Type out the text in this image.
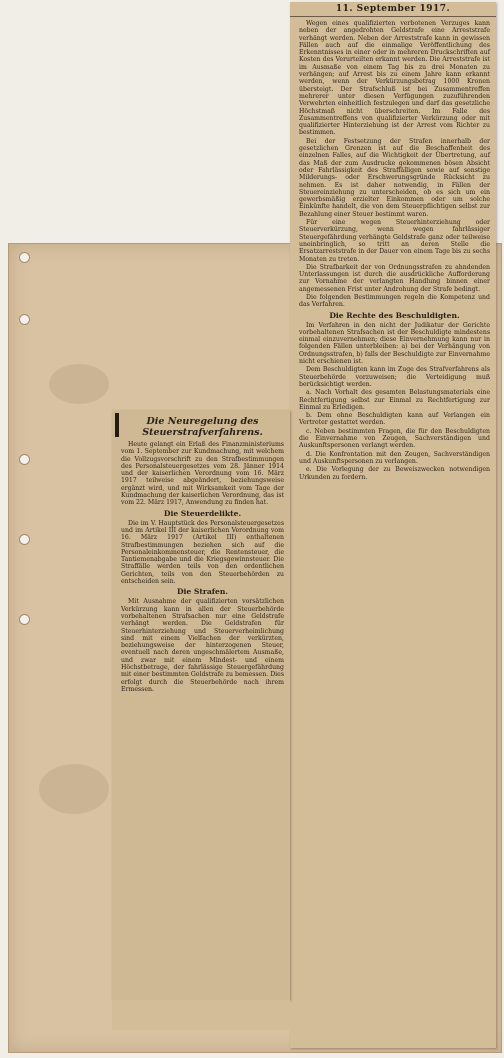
11. September 1917.

Wegen eines qualifizierten verbotenen Verzuges kann neben der angedrohten Geldstrafe eine Arreststrafe verhängt werden. Neben der Arreststrafe kann in gewissen Fällen auch auf die einmalige Veröffentlichung des Erkenntnisses in einer oder in mehreren Druckschriften auf Kosten des Verurteilten erkannt werden. Die Arreststrafe ist im Ausmaße von einem Tag bis zu drei Monaten zu verhängen; auf Arrest bis zu einem Jahre kann erkannt werden, wenn der Verkürzungsbetrag 1000 Kronen übersteigt. Der Strafschluß ist bei Zusammentreffen mehrerer unter diesen Verfügungen zuzuführenden Verwehrten einheitlich festzulegen und darf das gesetzliche Höchstmaß nicht überschreiten. Im Falle des Zusammentreffens von qualifizierter Verkürzung oder mit qualifizierter Hinterziehung ist der Arrest vom Richter zu bestimmen.

Bei der Festsetzung der Strafen innerhalb der gesetzlichen Grenzen ist auf die Beschaffenheit des einzelnen Falles, auf die Wichtigkeit der Übertretung, auf das Maß der zum Ausdrucke gekommenen bösen Absicht oder Fahrlässigkeit des Straffälligen sowie auf sonstige Milderungs- oder Erschwerungsgründe Rücksicht zu nehmen. Es ist daher notwendig, in Fällen der Steuereinziehung zu unterscheiden, ob es sich um ein gewerbsmäßig erzielter Einkommen oder um solche Einkünfte handelt, die von dem Steuerpflichtigen selbst zur Bezahlung einer Steuer bestimmt waren.

Für eine wegen Steuerhinterziehung oder Steuerverkürzung, wenn wegen fahrlässiger Steuergefährdung verhängte Geldstrafe ganz oder teilweise uneinbringlich, so tritt an deren Stelle die Ersatzarreststrafe in der Dauer von einem Tage bis zu sechs Monaten zu treten.

Die Strafbarkeit der von Ordnungsstrafen zu ahndenden Unterlassungen ist durch die ausdrückliche Aufforderung zur Vornahme der verlangten Handlung binnen einer angemessenen Frist unter Androhung der Strafe bedingt.

Die folgenden Bestimmungen regeln die Kompetenz und das Verfahren.

Die Rechte des Beschuldigten.

Im Verfahren in den nicht der Judikatur der Gerichte vorbehaltenen Strafsachen ist der Beschuldigte mindestens einmal einzuvernehmen; diese Einvernehmung kann nur in folgenden Fällen unterbleiben: a) bei der Verhängung von Ordnungsstrafen, b) falls der Beschuldigte zur Einvernahme nicht erschienen ist.

Dem Beschuldigten kann im Zuge des Strafverfahrens als Steuerbehörde vorzuweisen; die Verteidigung muß berücksichtigt werden.

a. Nach Vorhalt des gesamten Belastungsmaterials eine Rechtfertigung selbst zur Einmal zu Rechtfertigung zur Einmal zu Erledigen.

b. Dem ohne Beschuldigten kann auf Verlangen ein Vertreter gestattet werden.

c. Neben bestimmten Fragen, die für den Beschuldigten die Einvernahme von Zeugen, Sachverständigen und Auskunftspersonen verlangt werden.

d. Die Konfrontation mit den Zeugen, Sachverständigen und Auskunftspersonen zu verlangen.

e. Die Vorlegung der zu Beweiszwecken notwendigen Urkunden zu fordern.

Die Neuregelung des Steuerstrafverfahrens.

Heute gelangt ein Erlaß des Finanzministeriums vom 1. September zur Kundmachung, mit welchem die Vollzugsvorschrift zu den Strafbestimmungen des Personalsteuergesetzes vom 28. Jänner 1914 und der kaiserlichen Verordnung vom 16. März 1917 teilweise abgeändert, beziehungsweise ergänzt wird, und mit Wirksamkeit vom Tage der Kundmachung der kaiserlichen Verordnung, das ist vom 22. März 1917, Anwendung zu finden hat.

Die Steuerdelikte.

Die im V. Hauptstück des Personalsteuergesetzes und im Artikel III der kaiserlichen Verordnung vom 16. März 1917 (Artikel III) enthaltenen Strafbestimmungen beziehen sich auf die Personaleinkommensteuer, die Rentensteuer, die Tantiemenabgabe und die Kriegsgewinnsteuer. Die Straffälle werden teils von den ordentlichen Gerichten, teils von den Steuerbehörden zu entscheiden sein.

Die Strafen.

Mit Ausnahme der qualifizierten vorsätzlichen Verkürzung kann in allen der Steuerbehörde vorbehaltenen Strafsachen nur eine Geldstrafe verhängt werden. Die Geldstrafen für Steuerhinterziehung und Steuerverheimlichung sind mit einem Vielfachen der verkürzten, beziehungsweise der hinterzogenen Steuer, eventuell nach deren ungeschmälertem Ausmaße, und zwar mit einem Mindest- und einem Höchstbetrage, der fahrlässige Steuergefährdung mit einer bestimmten Geldstrafe zu bemessen. Dies erfolgt durch die Steuerbehörde nach ihrem Ermessen.
